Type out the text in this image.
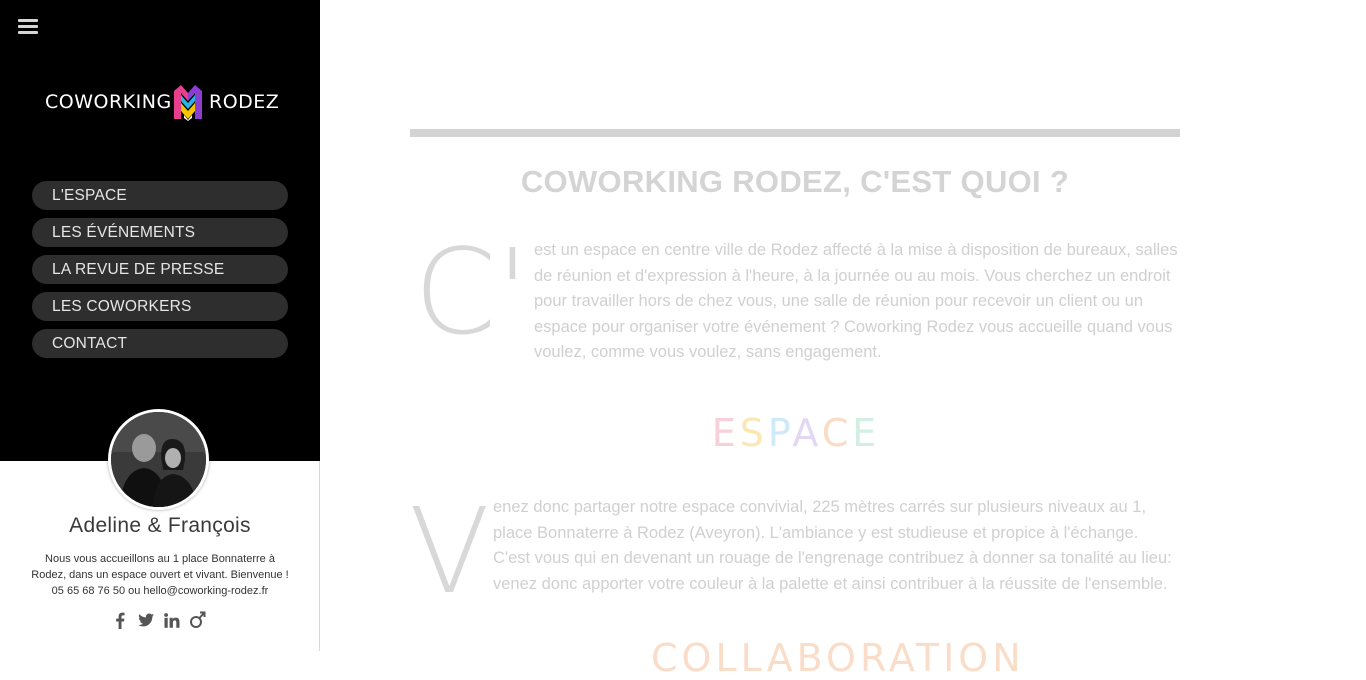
COWORKING RODEZ
L'ESPACE
LES ÉVÉNEMENTS
LA REVUE DE PRESSE
LES COWORKERS
CONTACT
Adeline & François

Nous vous accueillons au 1 place Bonnaterre à Rodez, dans un espace ouvert et vivant. Bienvenue ! 05 65 68 76 50 ou hello@coworking-rodez.fr

COWORKING RODEZ, C'EST QUOI ?
C' est un espace en centre ville de Rodez affecté à la mise à disposition de bureaux, salles de réunion et d'expression à l'heure, à la journée ou au mois. Vous cherchez un endroit pour travailler hors de chez vous, une salle de réunion pour recevoir un client ou un espace pour organiser votre événement ? Coworking Rodez vous accueille quand vous voulez, comme vous voulez, sans engagement.

ESPACE
V enez donc partager notre espace convivial, 225 mètres carrés sur plusieurs niveaux au 1, place Bonnaterre à Rodez (Aveyron). L'ambiance y est studieuse et propice à l'échange. C'est vous qui en devenant un rouage de l'engrenage contribuez à donner sa tonalité au lieu: venez donc apporter votre couleur à la palette et ainsi contribuer à la réussite de l'ensemble.

COLLABORATION
